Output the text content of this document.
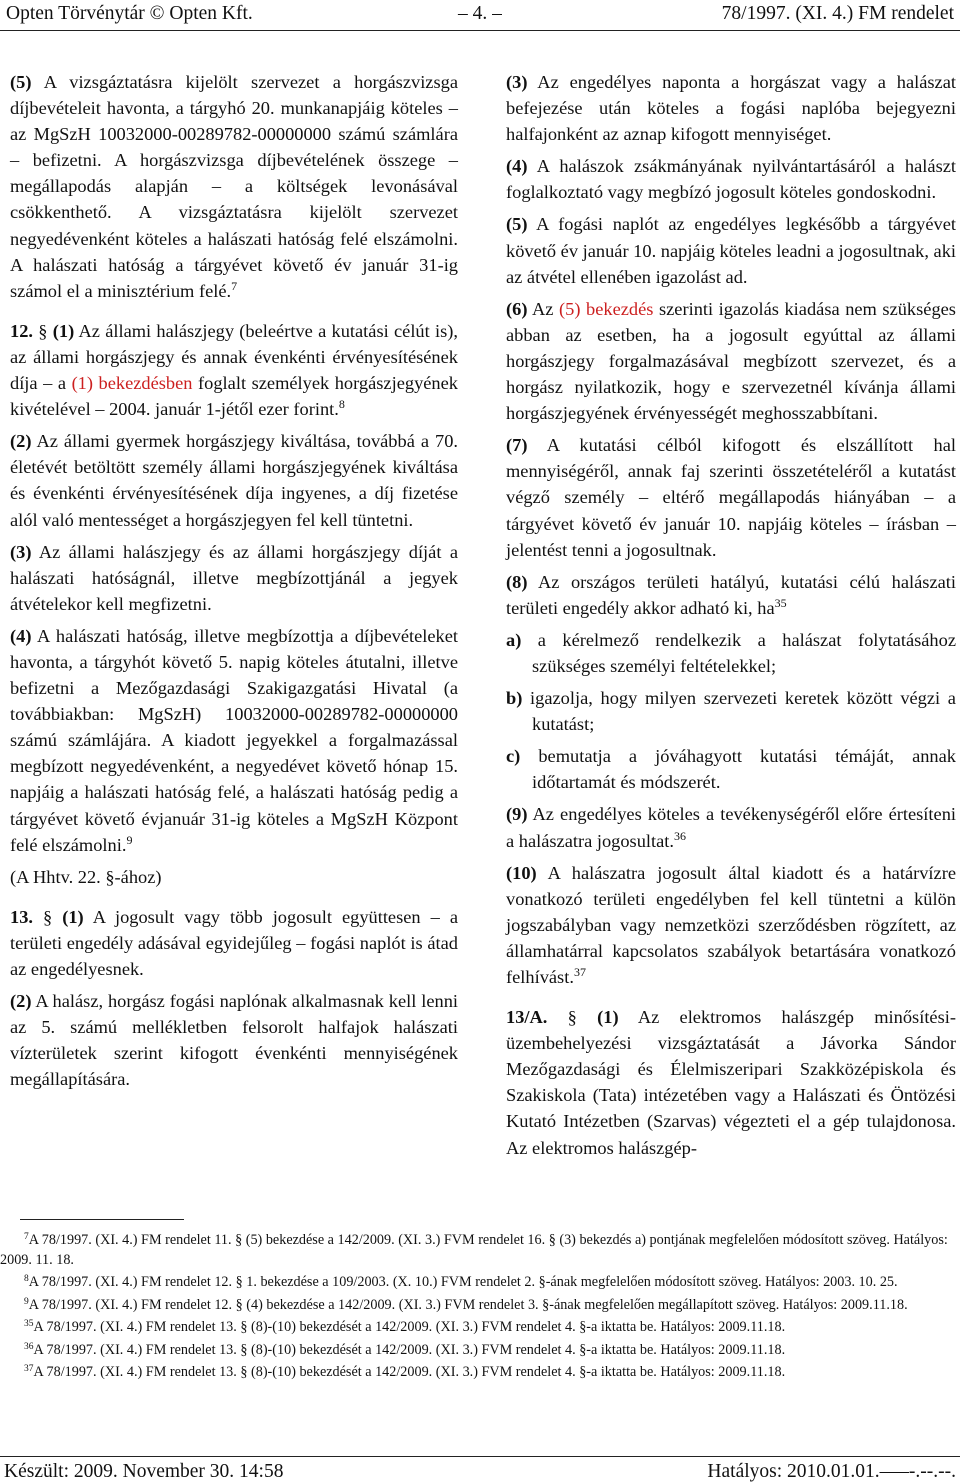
Opten Törvénytár © Opten Kft.	– 4. –	78/1997. (XI. 4.) FM rendelet

(5) A vizsgáztatásra kijelölt szervezet a horgászvizsga díjbevételeit havonta, a tárgyhó 20. munkanapjáig köteles – az MgSzH 10032000-00289782-00000000 számú számlára – befizetni. A horgászvizsga díjbevételének összege – megállapodás alapján – a költségek levonásával csökkenthető. A vizsgáztatásra kijelölt szervezet negyedévenként köteles a halászati hatóság felé elszámolni. A halászati hatóság a tárgyévet követő év január 31-ig számol el a minisztérium felé.$^7$

12. § (1) Az állami halászjegy (beleértve a kutatási célút is), az állami horgászjegy és annak évenkénti érvényesítésének díja – a (1) bekezdésben foglalt személyek horgászjegyének kivételével – 2004. január 1-jétől ezer forint.$^8$

(2) Az állami gyermek horgászjegy kiváltása, továbbá a 70. életévét betöltött személy állami horgászjegyének kiváltása és évenkénti érvényesítésének díja ingyenes, a díj fizetése alól való mentességet a horgászjegyen fel kell tüntetni.

(3) Az állami halászjegy és az állami horgászjegy díját a halászati hatóságnál, illetve megbízottjánál a jegyek átvételekor kell megfizetni.

(4) A halászati hatóság, illetve megbízottja a díjbevételeket havonta, a tárgyhót követő 5. napig köteles átutalni, illetve befizetni a Mezőgazdasági Szakigazgatási Hivatal (a továbbiakban: MgSzH) 10032000-00289782-00000000 számú számlájára. A kiadott jegyekkel a forgalmazással megbízott negyedévenként, a negyedévet követő hónap 15. napjáig a halászati hatóság felé, a halászati hatóság pedig a tárgyévet követő évjanuár 31-ig köteles a MgSzH Központ felé elszámolni.$^9$

(A Hhtv. 22. §-ához)

13. § (1) A jogosult vagy több jogosult együttesen – a területi engedély adásával egyidejűleg – fogási naplót is átad az engedélyesnek.

(2) A halász, horgász fogási naplónak alkalmasnak kell lenni az 5. számú mellékletben felsorolt halfajok halászati vízterületek szerint kifogott évenkénti mennyiségének megállapítására.

(3) Az engedélyes naponta a horgászat vagy a halászat befejezése után köteles a fogási naplóba bejegyezni halfajonként az aznap kifogott mennyiséget.

(4) A halászok zsákmányának nyilvántartásáról a halászt foglalkoztató vagy megbízó jogosult köteles gondoskodni.

(5) A fogási naplót az engedélyes legkésőbb a tárgyévet követő év január 10. napjáig köteles leadni a jogosultnak, aki az átvétel ellenében igazolást ad.

(6) Az (5) bekezdés szerinti igazolás kiadása nem szükséges abban az esetben, ha a jogosult egyúttal az állami horgászjegy forgalmazásával megbízott szervezet, és a horgász nyilatkozik, hogy e szervezetnél kívánja állami horgászjegyének érvényességét meghosszabbítani.

(7) A kutatási célból kifogott és elszállított hal mennyiségéről, annak faj szerinti összetételéről a kutatást végző személy – eltérő megállapodás hiányában – a tárgyévet követő év január 10. napjáig köteles – írásban – jelentést tenni a jogosultnak.

(8) Az országos területi hatályú, kutatási célú halászati területi engedély akkor adható ki, $ha^{35}$

a) a kérelmező rendelkezik a halászat folytatásához szükséges személyi feltételekkel;

b) igazolja, hogy milyen szervezeti keretek között végzi a kutatást;

c) bemutatja a jóváhagyott kutatási témáját, annak időtartamát és módszerét.

(9) Az engedélyes köteles a tevékenységéről előre értesíteni a halászatra jogosultat.$^{36}$

(10) A halászatra jogosult által kiadott és a határvízre vonatkozó területi engedélyben fel kell tüntetni a külön jogszabályban vagy nemzetközi szerződésben rögzített, az államhatárral kapcsolatos szabályok betartására vonatkozó felhívást.$^{37}$

13/A. § (1) Az elektromos halászgép minősítési-üzembehelyezési vizsgáztatását a Jávorka Sándor Mezőgazdasági és Élelmiszeripari Szakközépiskola és Szakiskola (Tata) intézetében vagy a Halászati és Öntözési Kutató Intézetben (Szarvas) végezteti el a gép tulajdonosa. Az elektromos halászgép-

$^7$A 78/1997. (XI. 4.) FM rendelet 11. § (5) bekezdése a 142/2009. (XI. 3.) FVM rendelet 16. § (3) bekezdés a) pontjának megfelelően módosított szöveg. Hatályos: 2009. 11. 18.

$^8$A 78/1997. (XI. 4.) FM rendelet 12. § 1. bekezdése a 109/2003. (X. 10.) FVM rendelet 2. §-ának megfelelően módosított szöveg. Hatályos: 2003. 10. 25.

$^9$A 78/1997. (XI. 4.) FM rendelet 12. § (4) bekezdése a 142/2009. (XI. 3.) FVM rendelet 3. §-ának megfelelően megállapított szöveg. Hatályos: 2009.11.18.

$^{35}$A 78/1997. (XI. 4.) FM rendelet 13. § (8)-(10) bekezdését a 142/2009. (XI. 3.) FVM rendelet 4. §-a iktatta be. Hatályos: 2009.11.18.

$^{36}$A 78/1997. (XI. 4.) FM rendelet 13. § (8)-(10) bekezdését a 142/2009. (XI. 3.) FVM rendelet 4. §-a iktatta be. Hatályos: 2009.11.18.

$^{37}$A 78/1997. (XI. 4.) FM rendelet 13. § (8)-(10) bekezdését a 142/2009. (XI. 3.) FVM rendelet 4. §-a iktatta be. Hatályos: 2009.11.18.

Készült: 2009. November 30. 14:58	Hatályos: 2010.01.01.–––-.--.--.
